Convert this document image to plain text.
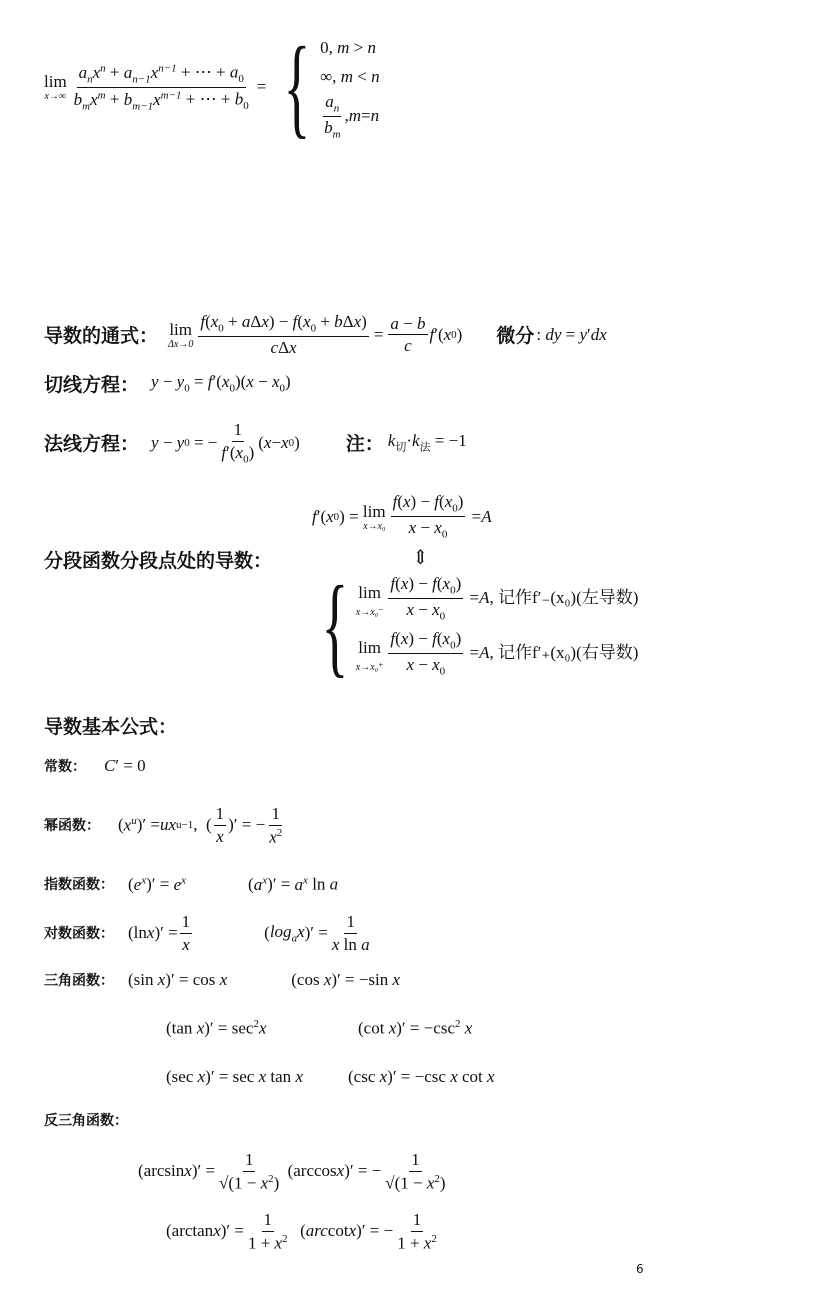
lim
$x\to\infty \frac{a_nx^n + a_{n-1}x^{n-1} + \cdots + a_0}{b_mx^m + b_{m-1}x^{m-1} + \cdots + b_0}$ = { 0, m > n
∞, m < n
$\frac{a_n}{b_m}$ , m = n
导数的通式： lim
$\Delta x\to 0 \frac{f(x_0 + a\Delta x) - f(x_0 + b\Delta x)}{\text{cΔx}} = \frac{a - b}{c}$ f ′( x 0 ) 微分 : dy = y′dx
切线方程： $y - y_0 = f'(x_0)(x - x_0)$
法线方程： y − y 0 = − $\frac{1}{f'(x_0)}$ ( x − x 0 ) 注： $k_切\cdot k_法 = -1$
f ′( x 0 ) = lim
$x\to x_0 \frac{f(x) - f(x_0)}{x - x_0} = A$
分段函数分段点处的导数：	⇕
{ lim
$x\to x_0^- \frac{f(x) - f(x_0)}{x - x_0} = A$ , 记作f′₋(x₀)(左导数)
lim
$x\to x_0^+ \frac{f(x) - f(x_0)}{x - x_0} = A$ , 记作f′₊(x₀)(右导数)
导数基本公式：
常数： C′ = 0
幂函数： ( $x^u$ )′ = ux u−1 ,  ( $\frac{1}{x}$ )′ = − $\frac{1}{x^2}$
指数函数： $(e^x)' = e^x$	$(a^x)' = a^x$ ln a
对数函数： (ln x )′ = $\frac{1}{x}$	( $\log_ax$ )′ = $\frac{1}{\text{x ln a}}$
三角函数： (sin x)′ = cos x	(cos x)′ = −sin x
(tan $x)' = \sec^2x$	(cot $x)' = -\csc^2$ x
(sec x)′ = sec x tan x	(csc x)′ = −csc x cot x
反三角函数：
(arcsin x )′ = $\frac{1}{√(1 - x^2)} (\arccos$ x )′ = − $\frac{1}{√(1 - x^2)}$
(arctan x )′ = $\frac{1}{1 + x^2}$ ( arc cot x )′ = − $\frac{1}{1 + x^2}$
6
